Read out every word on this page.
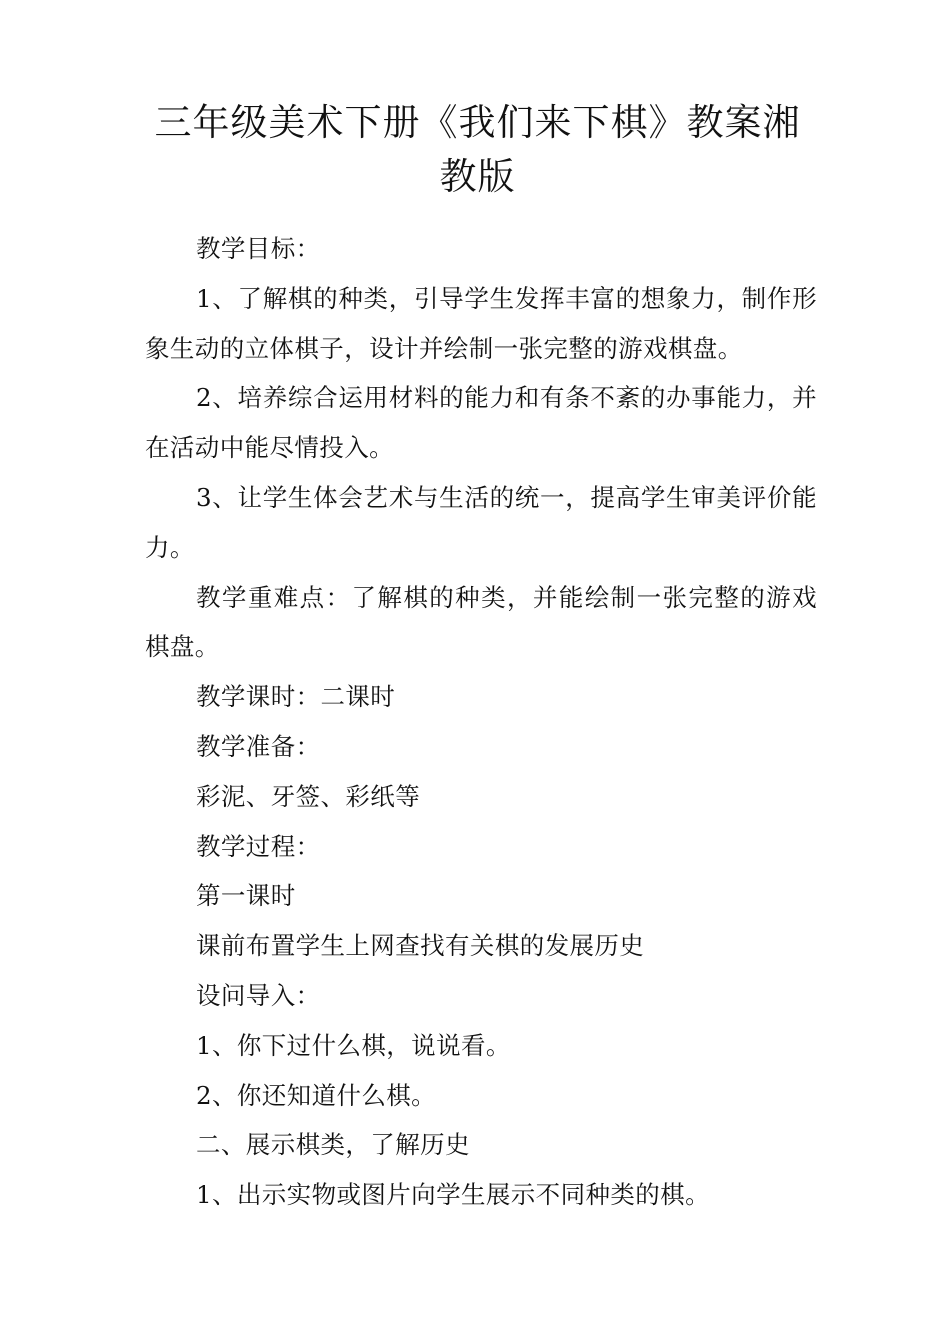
三年级美术下册《我们来下棋》教案湘教版

教学目标：

1、了解棋的种类，引导学生发挥丰富的想象力，制作形象生动的立体棋子，设计并绘制一张完整的游戏棋盘。

2、培养综合运用材料的能力和有条不紊的办事能力，并在活动中能尽情投入。

3、让学生体会艺术与生活的统一，提高学生审美评价能力。

教学重难点：了解棋的种类，并能绘制一张完整的游戏棋盘。

教学课时：二课时

教学准备：

彩泥、牙签、彩纸等

教学过程：

第一课时

课前布置学生上网查找有关棋的发展历史

设问导入：

1、你下过什么棋，说说看。

2、你还知道什么棋。

二、展示棋类，了解历史

1、出示实物或图片向学生展示不同种类的棋。
